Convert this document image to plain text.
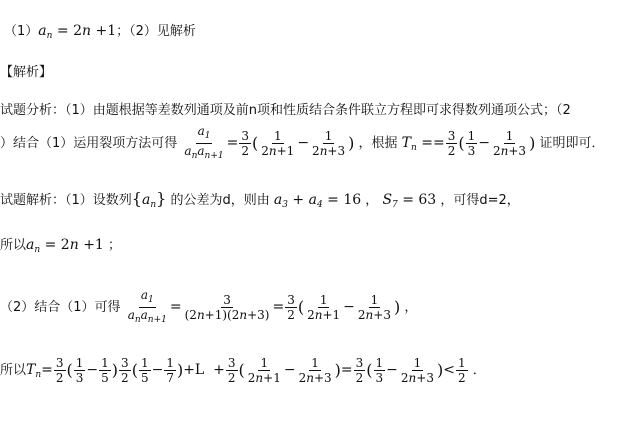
$(1)a_n = 2n +1$；（2）见解析
【解析】
试题分析：（1）由题根据等差数列通项及前n项和性质结合条件联立方程即可求得数列通项公式；（2
）结合（1）运用裂项方法可得 $\frac{a_1}{a_na_{n+1}} = \frac{3}{2}$ ( $\frac{1}{2n+1} - \frac{1}{2n+3}$ ) ，根据 $T_n == \frac{3}{2}$ ( $\frac{1}{3} - \frac{1}{2n+3}$ ) 证明即可．
试题解析：（1）设数列$\{a_n\}$ 的公差为d，则由 $a_3 + a_4 = 16$ ， $S_7 = 63$ ，可得d=2，
所以$a_n = 2n +1$ ；
（2）结合（1）可得 $\frac{a_1}{a_na_{n+1}} = \frac{3}{(2n+1)(2n+3)} = \frac{3}{2}$ ( $\frac{1}{2n+1} - \frac{1}{2n+3}$ ) ，
所以$T_n= \frac{3}{2}$ ( $\frac{1}{3} - \frac{1}{5}$ ) $\frac{3}{2}$ ( $\frac{1}{5} - \frac{1}{7} )+L + \frac{3}{2}$ ( $\frac{1}{2n+1} - \frac{1}{2n+3}$ )= $\frac{3}{2}$ ( $\frac{1}{3} - \frac{1}{2n+3}$ )< $\frac{1}{2}$ ．
